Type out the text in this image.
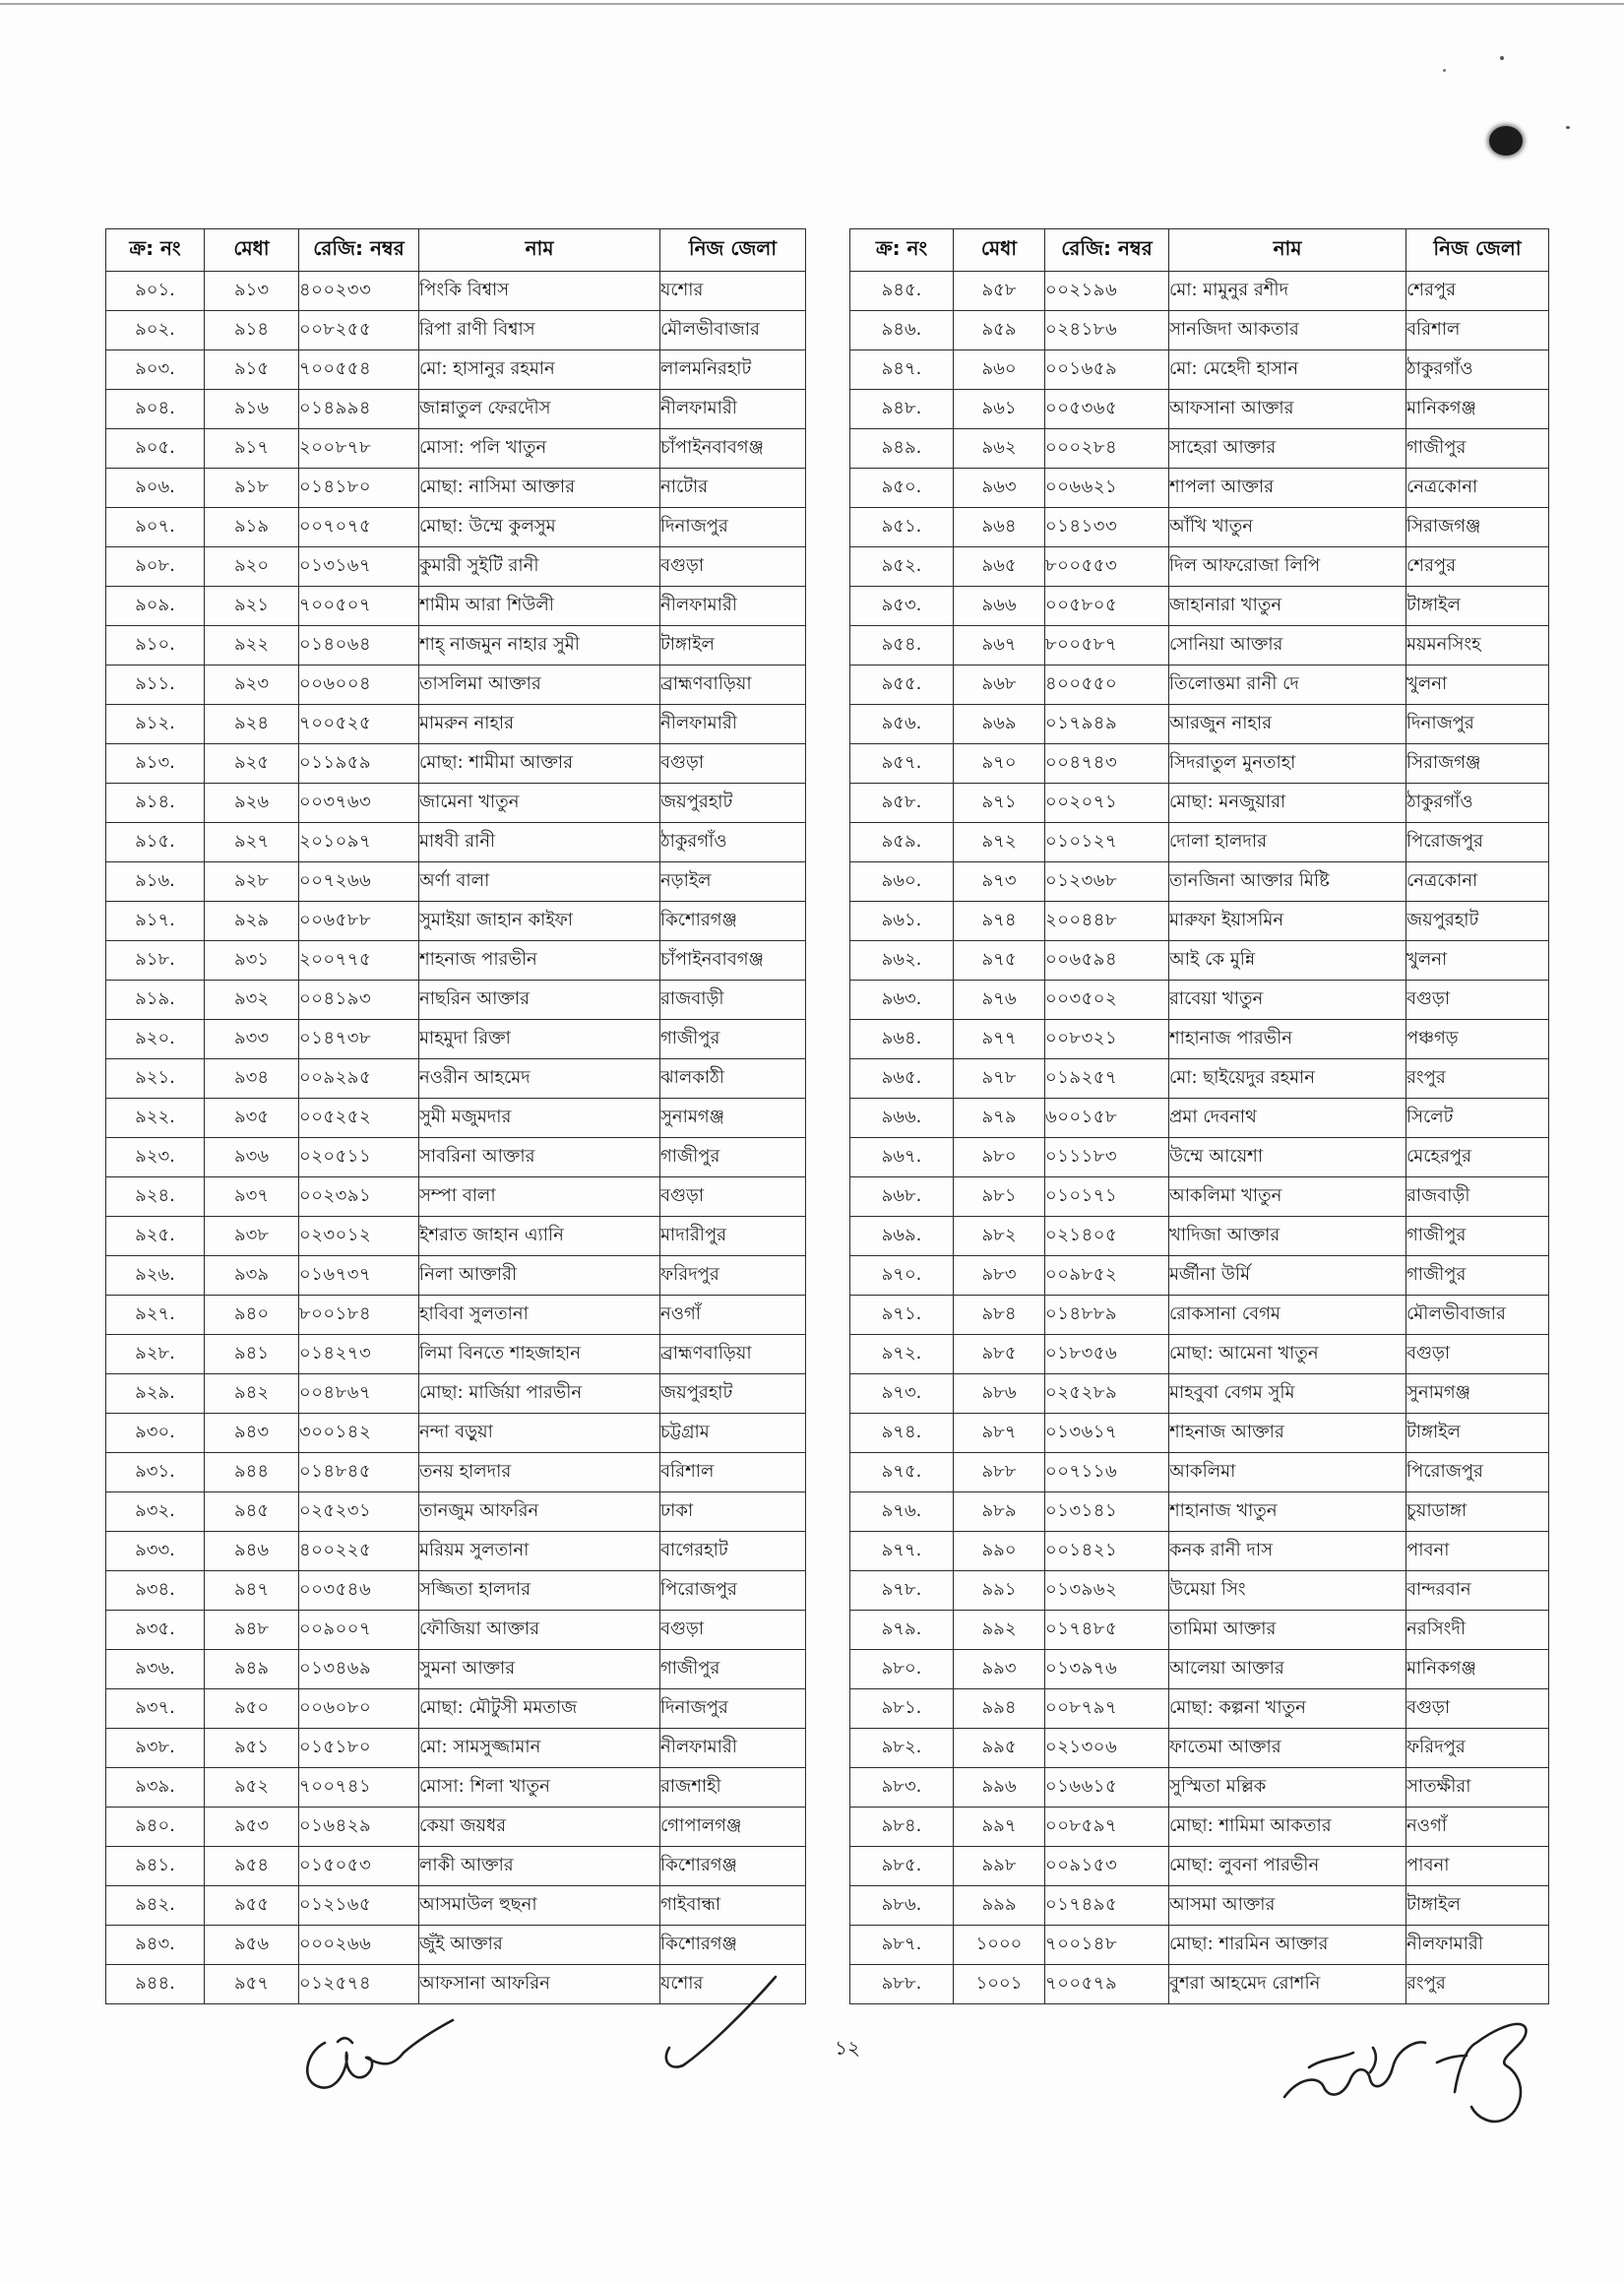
ক্র: নং	মেধা	রেজি: নম্বর	নাম	নিজ জেলা
৯০১.	৯১৩	৪০০২৩৩	পিংকি বিশ্বাস	যশোর
৯০২.	৯১৪	০০৮২৫৫	রিপা রাণী বিশ্বাস	মৌলভীবাজার
৯০৩.	৯১৫	৭০০৫৫৪	মো: হাসানুর রহমান	লালমনিরহাট
৯০৪.	৯১৬	০১৪৯৯৪	জান্নাতুল ফেরদৌস	নীলফামারী
৯০৫.	৯১৭	২০০৮৭৮	মোসা: পলি খাতুন	চাঁপাইনবাবগঞ্জ
৯০৬.	৯১৮	০১৪১৮০	মোছা: নাসিমা আক্তার	নাটোর
৯০৭.	৯১৯	০০৭০৭৫	মোছা: উম্মে কুলসুম	দিনাজপুর
৯০৮.	৯২০	০১৩১৬৭	কুমারী সুইটি রানী	বগুড়া
৯০৯.	৯২১	৭০০৫০৭	শামীম আরা শিউলী	নীলফামারী
৯১০.	৯২২	০১৪০৬৪	শাহ্ নাজমুন নাহার সুমী	টাঙ্গাইল
৯১১.	৯২৩	০০৬০০৪	তাসলিমা আক্তার	ব্রাহ্মণবাড়িয়া
৯১২.	৯২৪	৭০০৫২৫	মামরুন নাহার	নীলফামারী
৯১৩.	৯২৫	০১১৯৫৯	মোছা: শামীমা আক্তার	বগুড়া
৯১৪.	৯২৬	০০৩৭৬৩	জামেনা খাতুন	জয়পুরহাট
৯১৫.	৯২৭	২০১০৯৭	মাধবী রানী	ঠাকুরগাঁও
৯১৬.	৯২৮	০০৭২৬৬	অর্ণা বালা	নড়াইল
৯১৭.	৯২৯	০০৬৫৮৮	সুমাইয়া জাহান কাইফা	কিশোরগঞ্জ
৯১৮.	৯৩১	২০০৭৭৫	শাহনাজ পারভীন	চাঁপাইনবাবগঞ্জ
৯১৯.	৯৩২	০০৪১৯৩	নাছরিন আক্তার	রাজবাড়ী
৯২০.	৯৩৩	০১৪৭৩৮	মাহমুদা রিক্তা	গাজীপুর
৯২১.	৯৩৪	০০৯২৯৫	নওরীন আহমেদ	ঝালকাঠী
৯২২.	৯৩৫	০০৫২৫২	সুমী মজুমদার	সুনামগঞ্জ
৯২৩.	৯৩৬	০২০৫১১	সাবরিনা আক্তার	গাজীপুর
৯২৪.	৯৩৭	০০২৩৯১	সম্পা বালা	বগুড়া
৯২৫.	৯৩৮	০২৩০১২	ইশরাত জাহান এ্যানি	মাদারীপুর
৯২৬.	৯৩৯	০১৬৭৩৭	নিলা আক্তারী	ফরিদপুর
৯২৭.	৯৪০	৮০০১৮৪	হাবিবা সুলতানা	নওগাঁ
৯২৮.	৯৪১	০১৪২৭৩	লিমা বিনতে শাহজাহান	ব্রাহ্মণবাড়িয়া
৯২৯.	৯৪২	০০৪৮৬৭	মোছা: মার্জিয়া পারভীন	জয়পুরহাট
৯৩০.	৯৪৩	৩০০১৪২	নন্দা বড়ুয়া	চট্টগ্রাম
৯৩১.	৯৪৪	০১৪৮৪৫	তনয় হালদার	বরিশাল
৯৩২.	৯৪৫	০২৫২৩১	তানজুম আফরিন	ঢাকা
৯৩৩.	৯৪৬	৪০০২২৫	মরিয়ম সুলতানা	বাগেরহাট
৯৩৪.	৯৪৭	০০৩৫৪৬	সজ্জিতা হালদার	পিরোজপুর
৯৩৫.	৯৪৮	০০৯০০৭	ফৌজিয়া আক্তার	বগুড়া
৯৩৬.	৯৪৯	০১৩৪৬৯	সুমনা আক্তার	গাজীপুর
৯৩৭.	৯৫০	০০৬০৮০	মোছা: মৌটুসী মমতাজ	দিনাজপুর
৯৩৮.	৯৫১	০১৫১৮০	মো: সামসুজ্জামান	নীলফামারী
৯৩৯.	৯৫২	৭০০৭৪১	মোসা: শিলা খাতুন	রাজশাহী
৯৪০.	৯৫৩	০১৬৪২৯	কেয়া জয়ধর	গোপালগঞ্জ
৯৪১.	৯৫৪	০১৫০৫৩	লাকী আক্তার	কিশোরগঞ্জ
৯৪২.	৯৫৫	০১২১৬৫	আসমাউল হুছনা	গাইবান্ধা
৯৪৩.	৯৫৬	০০০২৬৬	জুঁই আক্তার	কিশোরগঞ্জ
৯৪৪.	৯৫৭	০১২৫৭৪	আফসানা আফরিন	যশোর
ক্র: নং	মেধা	রেজি: নম্বর	নাম	নিজ জেলা
৯৪৫.	৯৫৮	০০২১৯৬	মো: মামুনুর রশীদ	শেরপুর
৯৪৬.	৯৫৯	০২৪১৮৬	সানজিদা আকতার	বরিশাল
৯৪৭.	৯৬০	০০১৬৫৯	মো: মেহেদী হাসান	ঠাকুরগাঁও
৯৪৮.	৯৬১	০০৫৩৬৫	আফসানা আক্তার	মানিকগঞ্জ
৯৪৯.	৯৬২	০০০২৮৪	সাহেরা আক্তার	গাজীপুর
৯৫০.	৯৬৩	০০৬৬২১	শাপলা আক্তার	নেত্রকোনা
৯৫১.	৯৬৪	০১৪১৩৩	আঁখি খাতুন	সিরাজগঞ্জ
৯৫২.	৯৬৫	৮০০৫৫৩	দিল আফরোজা লিপি	শেরপুর
৯৫৩.	৯৬৬	০০৫৮০৫	জাহানারা খাতুন	টাঙ্গাইল
৯৫৪.	৯৬৭	৮০০৫৮৭	সোনিয়া আক্তার	ময়মনসিংহ
৯৫৫.	৯৬৮	৪০০৫৫০	তিলোত্তমা রানী দে	খুলনা
৯৫৬.	৯৬৯	০১৭৯৪৯	আরজুন নাহার	দিনাজপুর
৯৫৭.	৯৭০	০০৪৭৪৩	সিদরাতুল মুনতাহা	সিরাজগঞ্জ
৯৫৮.	৯৭১	০০২০৭১	মোছা: মনজুয়ারা	ঠাকুরগাঁও
৯৫৯.	৯৭২	০১০১২৭	দোলা হালদার	পিরোজপুর
৯৬০.	৯৭৩	০১২৩৬৮	তানজিনা আক্তার মিষ্টি	নেত্রকোনা
৯৬১.	৯৭৪	২০০৪৪৮	মারুফা ইয়াসমিন	জয়পুরহাট
৯৬২.	৯৭৫	০০৬৫৯৪	আই কে মুন্নি	খুলনা
৯৬৩.	৯৭৬	০০৩৫০২	রাবেয়া খাতুন	বগুড়া
৯৬৪.	৯৭৭	০০৮৩২১	শাহানাজ পারভীন	পঞ্চগড়
৯৬৫.	৯৭৮	০১৯২৫৭	মো: ছাইয়েদুর রহমান	রংপুর
৯৬৬.	৯৭৯	৬০০১৫৮	প্রমা দেবনাথ	সিলেট
৯৬৭.	৯৮০	০১১১৮৩	উম্মে আয়েশা	মেহেরপুর
৯৬৮.	৯৮১	০১০১৭১	আকলিমা খাতুন	রাজবাড়ী
৯৬৯.	৯৮২	০২১৪০৫	খাদিজা আক্তার	গাজীপুর
৯৭০.	৯৮৩	০০৯৮৫২	মর্জীনা উর্মি	গাজীপুর
৯৭১.	৯৮৪	০১৪৮৮৯	রোকসানা বেগম	মৌলভীবাজার
৯৭২.	৯৮৫	০১৮৩৫৬	মোছা: আমেনা খাতুন	বগুড়া
৯৭৩.	৯৮৬	০২৫২৮৯	মাহবুবা বেগম সুমি	সুনামগঞ্জ
৯৭৪.	৯৮৭	০১৩৬১৭	শাহনাজ আক্তার	টাঙ্গাইল
৯৭৫.	৯৮৮	০০৭১১৬	আকলিমা	পিরোজপুর
৯৭৬.	৯৮৯	০১৩১৪১	শাহানাজ খাতুন	চুয়াডাঙ্গা
৯৭৭.	৯৯০	০০১৪২১	কনক রানী দাস	পাবনা
৯৭৮.	৯৯১	০১৩৯৬২	উমেয়া সিং	বান্দরবান
৯৭৯.	৯৯২	০১৭৪৮৫	তামিমা আক্তার	নরসিংদী
৯৮০.	৯৯৩	০১৩৯৭৬	আলেয়া আক্তার	মানিকগঞ্জ
৯৮১.	৯৯৪	০০৮৭৯৭	মোছা: কল্পনা খাতুন	বগুড়া
৯৮২.	৯৯৫	০২১৩০৬	ফাতেমা আক্তার	ফরিদপুর
৯৮৩.	৯৯৬	০১৬৬১৫	সুস্মিতা মল্লিক	সাতক্ষীরা
৯৮৪.	৯৯৭	০০৮৫৯৭	মোছা: শামিমা আকতার	নওগাঁ
৯৮৫.	৯৯৮	০০৯১৫৩	মোছা: লুবনা পারভীন	পাবনা
৯৮৬.	৯৯৯	০১৭৪৯৫	আসমা আক্তার	টাঙ্গাইল
৯৮৭.	১০০০	৭০০১৪৮	মোছা: শারমিন আক্তার	নীলফামারী
৯৮৮.	১০০১	৭০০৫৭৯	বুশরা আহমেদ রোশনি	রংপুর
১২
